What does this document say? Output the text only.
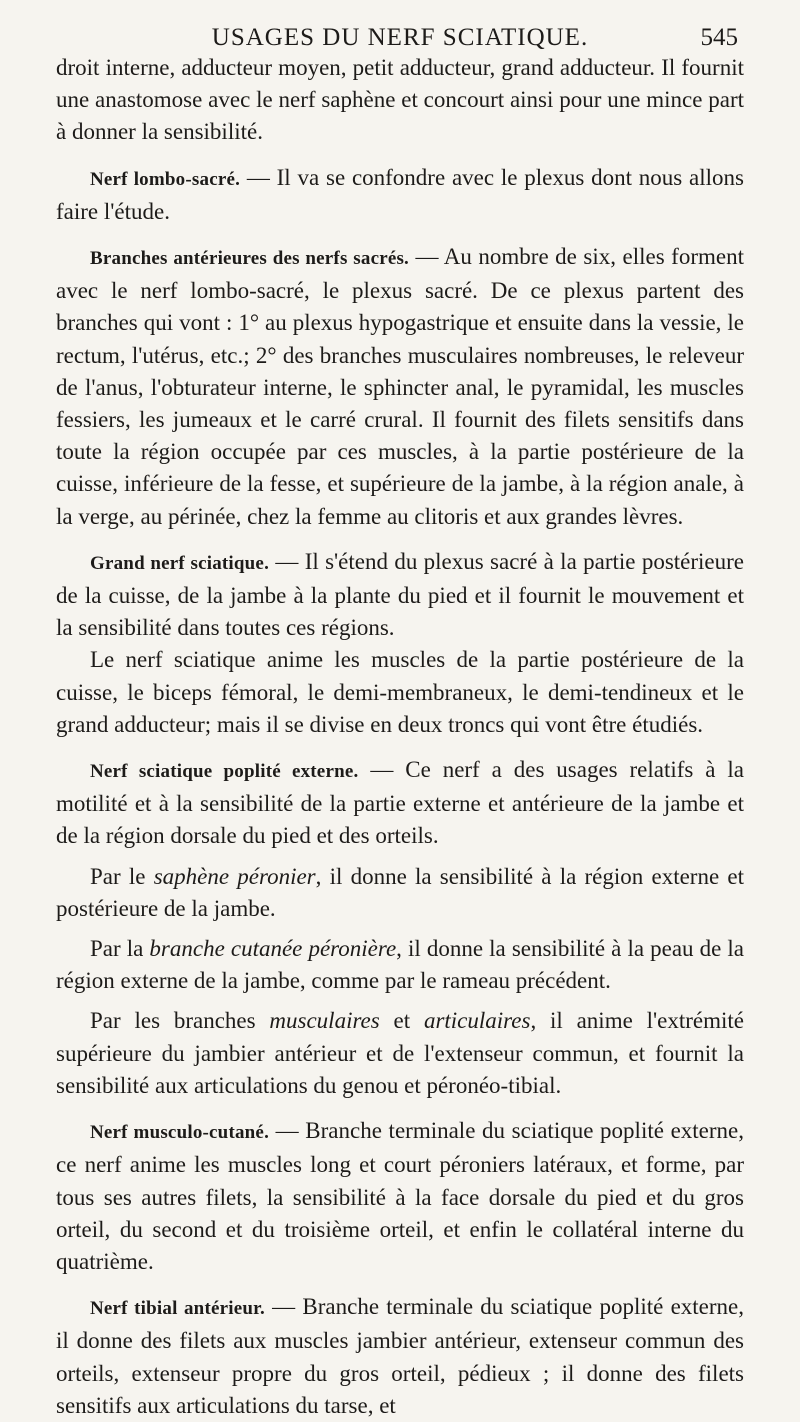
USAGES DU NERF SCIATIQUE.	545

droit interne, adducteur moyen, petit adducteur, grand adducteur. Il fournit une anastomose avec le nerf saphène et concourt ainsi pour une mince part à donner la sensibilité.

Nerf lombo-sacré. — Il va se confondre avec le plexus dont nous allons faire l'étude.

Branches antérieures des nerfs sacrés. — Au nombre de six, elles forment avec le nerf lombo-sacré, le plexus sacré. De ce plexus partent des branches qui vont : 1° au plexus hypogastrique et ensuite dans la vessie, le rectum, l'utérus, etc.; 2° des branches musculaires nombreuses, le releveur de l'anus, l'obturateur interne, le sphincter anal, le pyramidal, les muscles fessiers, les jumeaux et le carré crural. Il fournit des filets sensitifs dans toute la région occupée par ces muscles, à la partie postérieure de la cuisse, inférieure de la fesse, et supérieure de la jambe, à la région anale, à la verge, au périnée, chez la femme au clitoris et aux grandes lèvres.

Grand nerf sciatique. — Il s'étend du plexus sacré à la partie postérieure de la cuisse, de la jambe à la plante du pied et il fournit le mouvement et la sensibilité dans toutes ces régions.

Le nerf sciatique anime les muscles de la partie postérieure de la cuisse, le biceps fémoral, le demi-membraneux, le demi-tendineux et le grand adducteur; mais il se divise en deux troncs qui vont être étudiés.

Nerf sciatique poplité externe. — Ce nerf a des usages relatifs à la motilité et à la sensibilité de la partie externe et antérieure de la jambe et de la région dorsale du pied et des orteils.

Par le saphène péronier, il donne la sensibilité à la région externe et postérieure de la jambe.

Par la branche cutanée péronière, il donne la sensibilité à la peau de la région externe de la jambe, comme par le rameau précédent.

Par les branches musculaires et articulaires, il anime l'extrémité supérieure du jambier antérieur et de l'extenseur commun, et fournit la sensibilité aux articulations du genou et péronéo-tibial.

Nerf musculo-cutané. — Branche terminale du sciatique poplité externe, ce nerf anime les muscles long et court péroniers latéraux, et forme, par tous ses autres filets, la sensibilité à la face dorsale du pied et du gros orteil, du second et du troisième orteil, et enfin le collatéral interne du quatrième.

Nerf tibial antérieur. — Branche terminale du sciatique poplité externe, il donne des filets aux muscles jambier antérieur, extenseur commun des orteils, extenseur propre du gros orteil, pédieux ; il donne des filets sensitifs aux articulations du tarse, et
